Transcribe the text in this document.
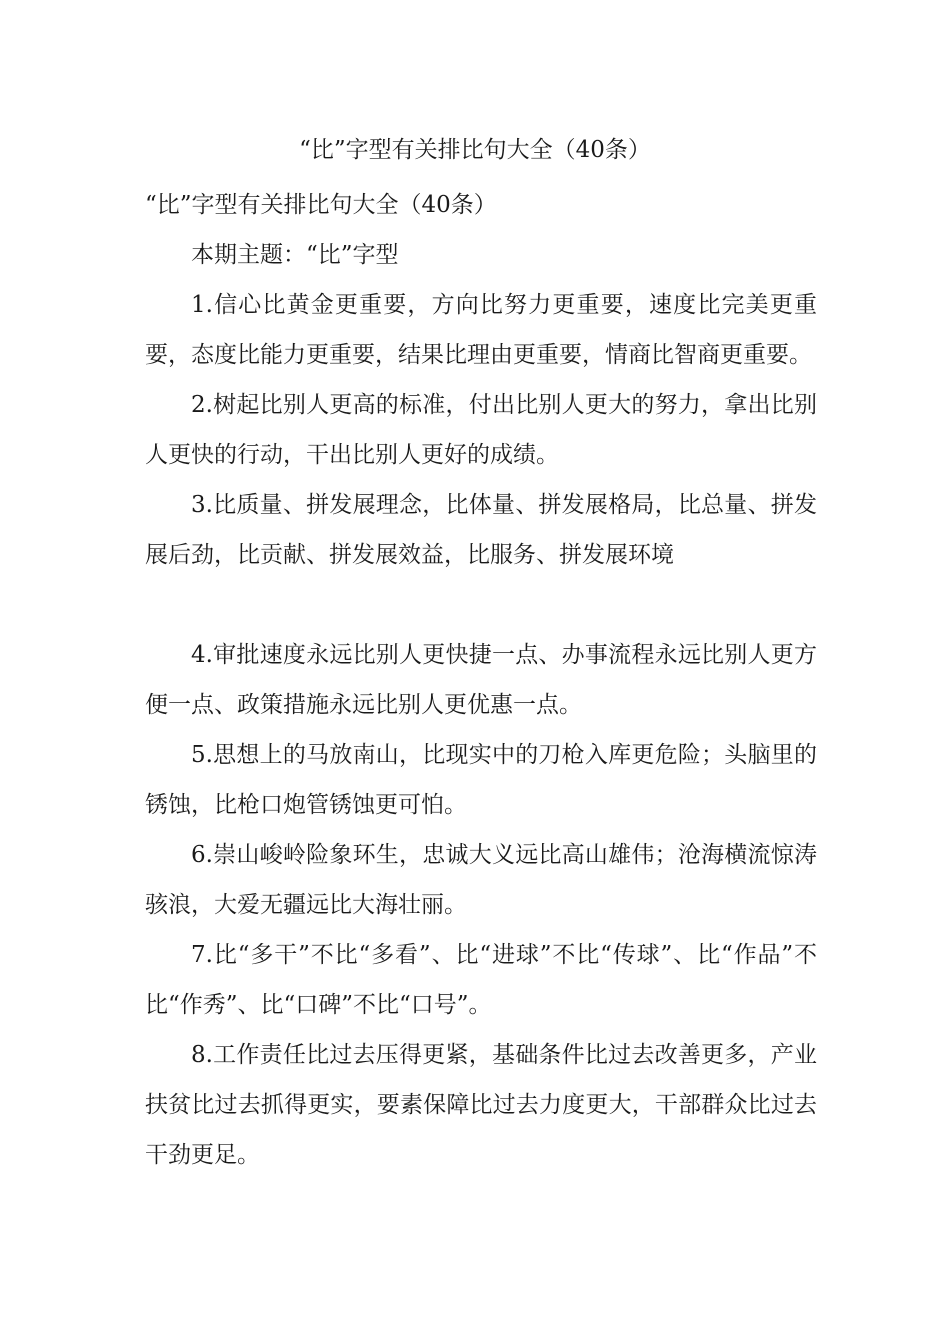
“比”字型有关排比句大全（40条）

“比”字型有关排比句大全（40条）

本期主题：“比”字型

1.信心比黄金更重要，方向比努力更重要，速度比完美更重要，态度比能力更重要，结果比理由更重要，情商比智商更重要。

2.树起比别人更高的标准，付出比别人更大的努力，拿出比别人更快的行动，干出比别人更好的成绩。

3.比质量、拼发展理念，比体量、拼发展格局，比总量、拼发展后劲，比贡献、拼发展效益，比服务、拼发展环境

4.审批速度永远比别人更快捷一点、办事流程永远比别人更方便一点、政策措施永远比别人更优惠一点。

5.思想上的马放南山，比现实中的刀枪入库更危险；头脑里的锈蚀，比枪口炮管锈蚀更可怕。

6.崇山峻岭险象环生，忠诚大义远比高山雄伟；沧海横流惊涛骇浪，大爱无疆远比大海壮丽。

7.比“多干”不比“多看”、比“进球”不比“传球”、比“作品”不比“作秀”、比“口碑”不比“口号”。

8.工作责任比过去压得更紧，基础条件比过去改善更多，产业扶贫比过去抓得更实，要素保障比过去力度更大，干部群众比过去干劲更足。
